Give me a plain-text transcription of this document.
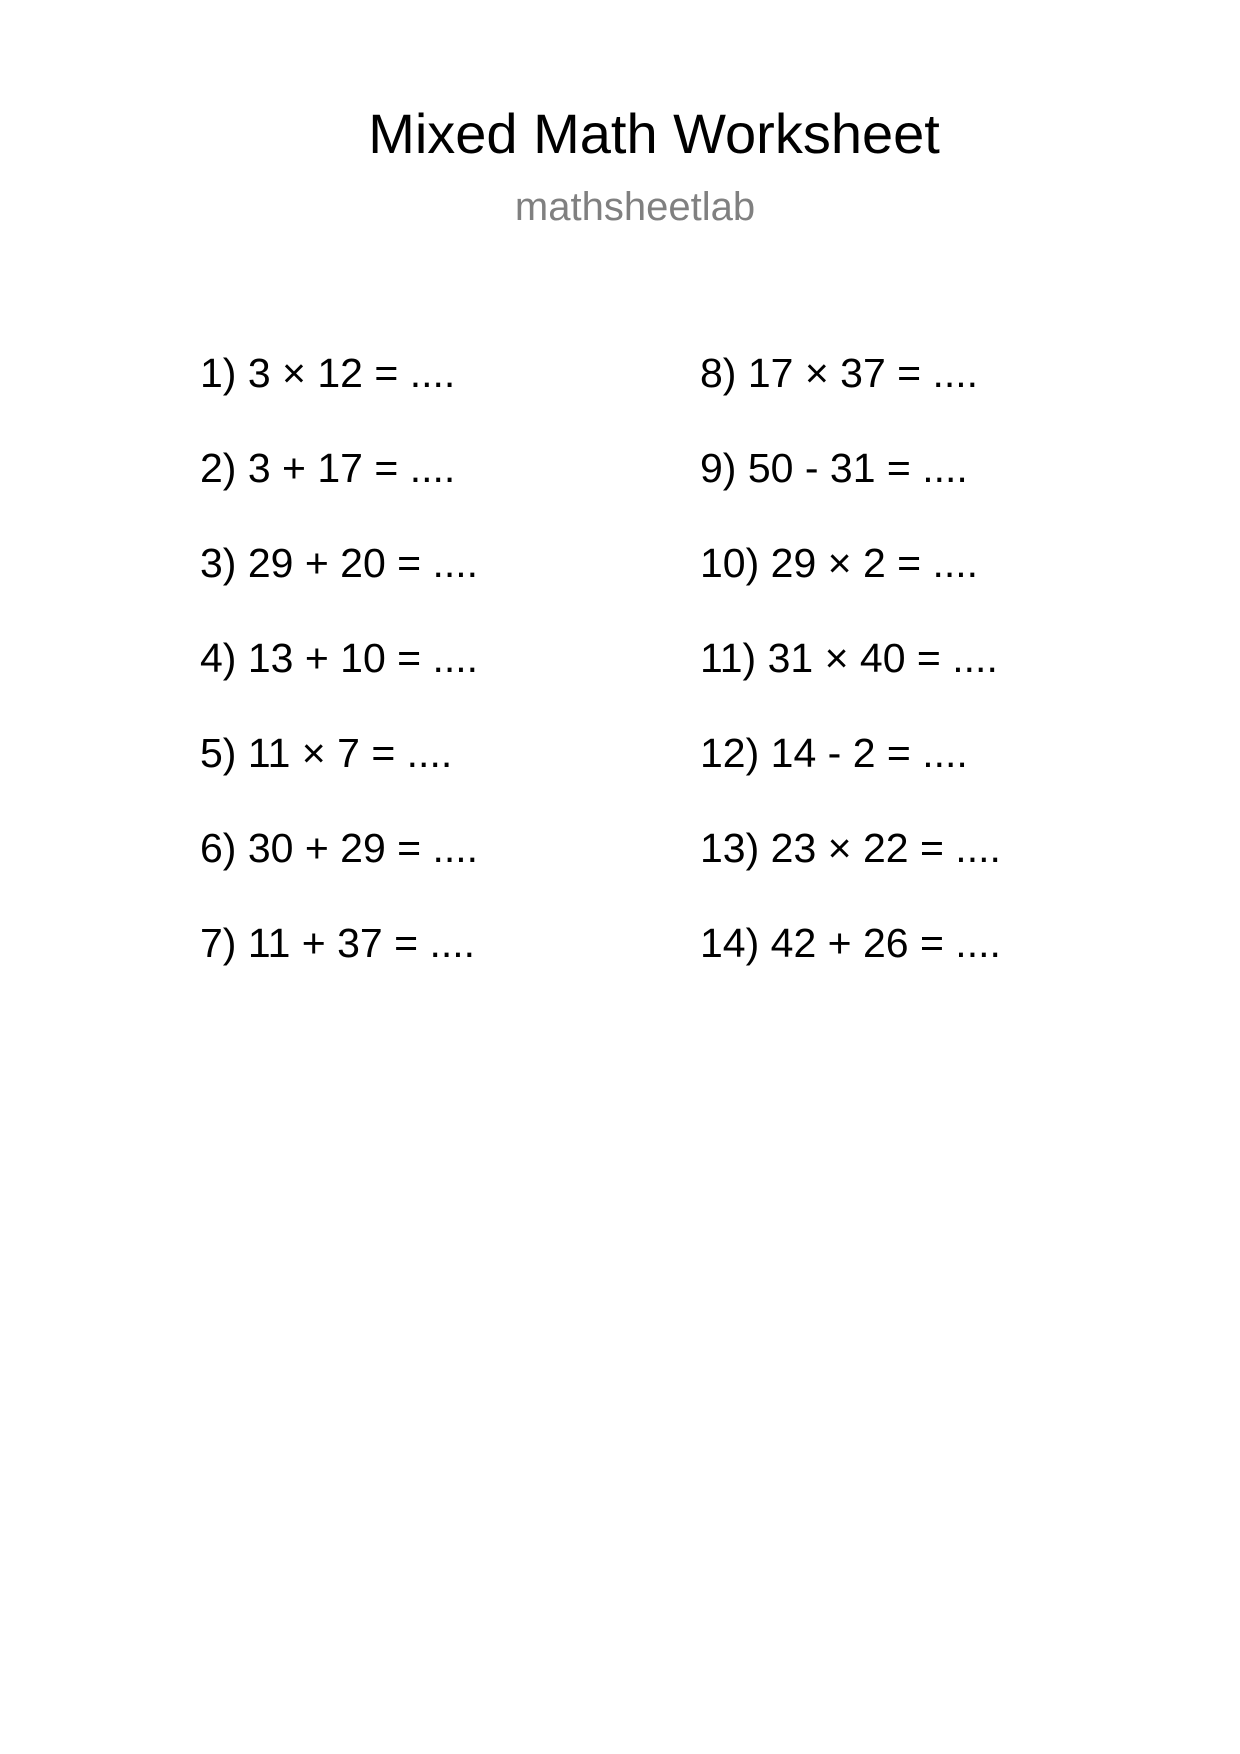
Mixed Math Worksheet
mathsheetlab
1) 3 × 12 = ....
2) 3 + 17 = ....
3) 29 + 20 = ....
4) 13 + 10 = ....
5) 11 × 7 = ....
6) 30 + 29 = ....
7) 11 + 37 = ....
8) 17 × 37 = ....
9) 50 - 31 = ....
10) 29 × 2 = ....
11) 31 × 40 = ....
12) 14 - 2 = ....
13) 23 × 22 = ....
14) 42 + 26 = ....
